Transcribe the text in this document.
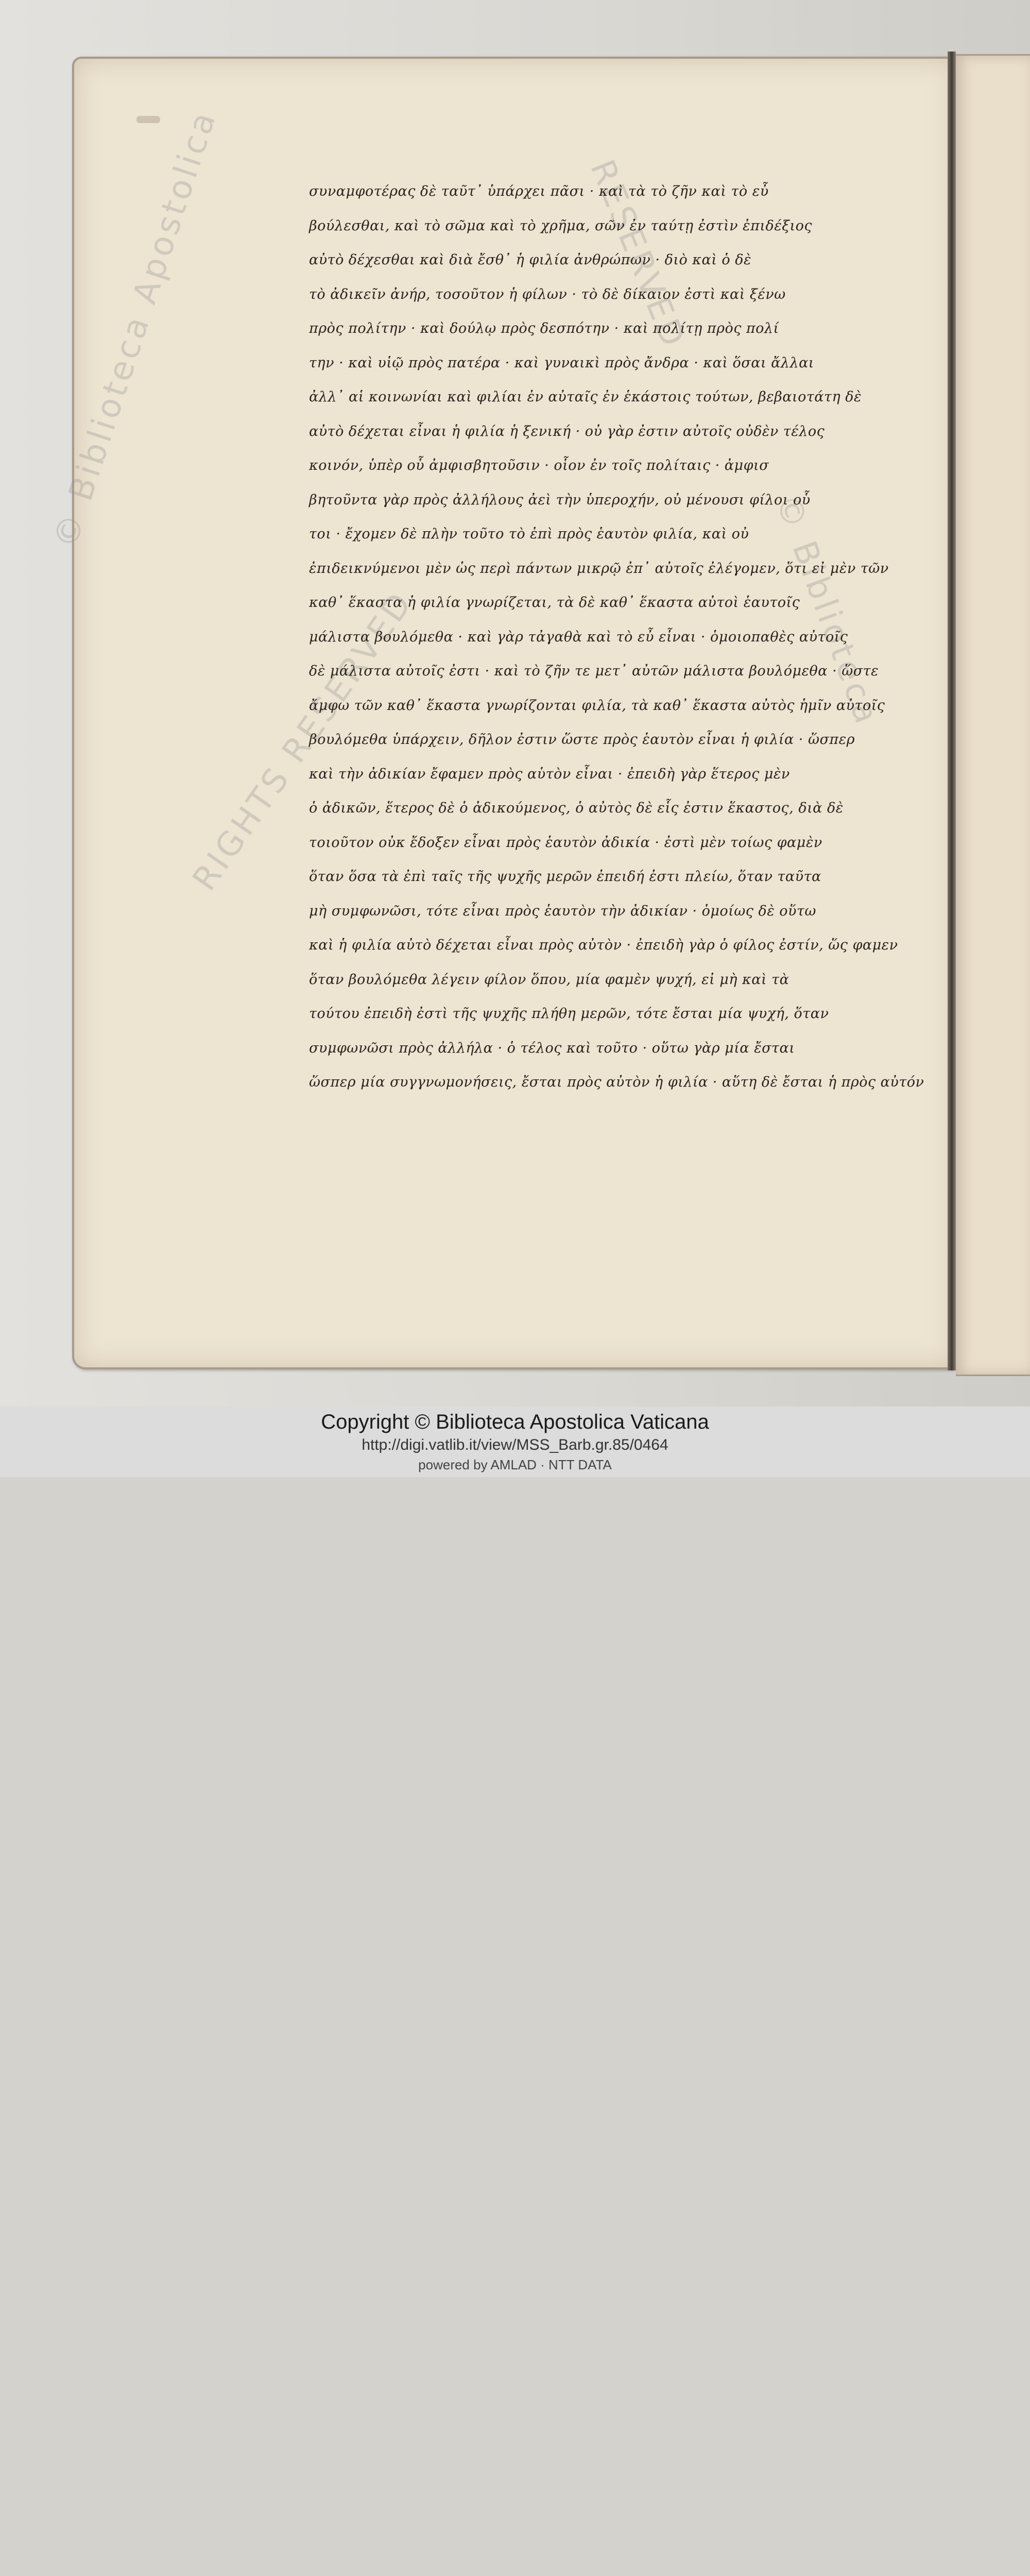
© Biblioteca Apostolica
RIGHTS RESERVED	© Biblioteca
RESERVED
συναμφοτέρας δὲ ταῦτ᾽ ὑπάρχει πᾶσι · καὶ τὰ τὸ ζῆν καὶ τὸ εὖ
βούλεσθαι, καὶ τὸ σῶμα καὶ τὸ χρῆμα, σῶν ἐν ταύτῃ ἐστὶν ἐπιδέξιος
αὐτὸ δέχεσθαι καὶ διὰ ἔσθ᾽ ἡ φιλία ἀνθρώπων · διὸ καὶ ὁ δὲ
τὸ ἀδικεῖν ἀνήρ, τοσοῦτον ἡ φίλων · τὸ δὲ δίκαιον ἐστὶ καὶ ξένω
πρὸς πολίτην · καὶ δούλῳ πρὸς δεσπότην · καὶ πολίτῃ πρὸς πολί
την · καὶ υἱῷ πρὸς πατέρα · καὶ γυναικὶ πρὸς ἄνδρα · καὶ ὅσαι ἄλλαι
ἀλλ᾽ αἱ κοινωνίαι καὶ φιλίαι ἐν αὐταῖς ἐν ἑκάστοις τούτων, βεβαιοτάτη δὲ
αὐτὸ δέχεται εἶναι ἡ φιλία ἡ ξενική · οὐ γὰρ ἐστιν αὐτοῖς οὐδὲν τέλος
κοινόν, ὑπὲρ οὗ ἀμφισβητοῦσιν · οἷον ἐν τοῖς πολίταις · ἀμφισ
βητοῦντα γὰρ πρὸς ἀλλήλους ἀεὶ τὴν ὑπεροχήν, οὐ μένουσι φίλοι οὗ
τοι · ἔχομεν δὲ πλὴν τοῦτο τὸ ἐπὶ πρὸς ἑαυτὸν φιλία, καὶ οὐ
ἐπιδεικνύμενοι μὲν ὡς περὶ πάντων μικρῷ ἐπ᾽ αὐτοῖς ἐλέγομεν, ὅτι εἰ μὲν τῶν
καθ᾽ ἕκαστα ἡ φιλία γνωρίζεται, τὰ δὲ καθ᾽ ἕκαστα αὐτοὶ ἑαυτοῖς
μάλιστα βουλόμεθα · καὶ γὰρ τἀγαθὰ καὶ τὸ εὖ εἶναι · ὁμοιοπαθὲς αὐτοῖς
δὲ μάλιστα αὐτοῖς ἐστι · καὶ τὸ ζῆν τε μετ᾽ αὐτῶν μάλιστα βουλόμεθα · ὥστε
ἄμφω τῶν καθ᾽ ἕκαστα γνωρίζονται φιλία, τὰ καθ᾽ ἕκαστα αὐτὸς ἡμῖν αὐτοῖς
βουλόμεθα ὑπάρχειν, δῆλον ἐστιν ὥστε πρὸς ἑαυτὸν εἶναι ἡ φιλία · ὥσπερ
καὶ τὴν ἀδικίαν ἔφαμεν πρὸς αὑτὸν εἶναι · ἐπειδὴ γὰρ ἕτερος μὲν
ὁ ἀδικῶν, ἕτερος δὲ ὁ ἀδικούμενος, ὁ αὐτὸς δὲ εἷς ἐστιν ἕκαστος, διὰ δὲ
τοιοῦτον οὐκ ἔδοξεν εἶναι πρὸς ἑαυτὸν ἀδικία · ἐστὶ μὲν τοίως φαμὲν
ὅταν ὅσα τὰ ἐπὶ ταῖς τῆς ψυχῆς μερῶν ἐπειδή ἐστι πλείω, ὅταν ταῦτα
μὴ συμφωνῶσι, τότε εἶναι πρὸς ἑαυτὸν τὴν ἀδικίαν · ὁμοίως δὲ οὕτω
καὶ ἡ φιλία αὐτὸ δέχεται εἶναι πρὸς αὐτὸν · ἐπειδὴ γὰρ ὁ φίλος ἐστίν, ὥς φαμεν
ὅταν βουλόμεθα λέγειν φίλον ὅπου, μία φαμὲν ψυχή, εἰ μὴ καὶ τὰ
τούτου ἐπειδὴ ἐστὶ τῆς ψυχῆς πλήθη μερῶν, τότε ἔσται μία ψυχή, ὅταν
συμφωνῶσι πρὸς ἀλλήλα · ὁ τέλος καὶ τοῦτο · οὕτω γὰρ μία ἔσται
ὥσπερ μία συγγνωμονήσεις, ἔσται πρὸς αὐτὸν ἡ φιλία · αὕτη δὲ ἔσται ἡ πρὸς αὐτόν
Copyright © Biblioteca Apostolica Vaticana
http://digi.vatlib.it/view/MSS_Barb.gr.85/0464
powered by AMLAD · NTT DATA
